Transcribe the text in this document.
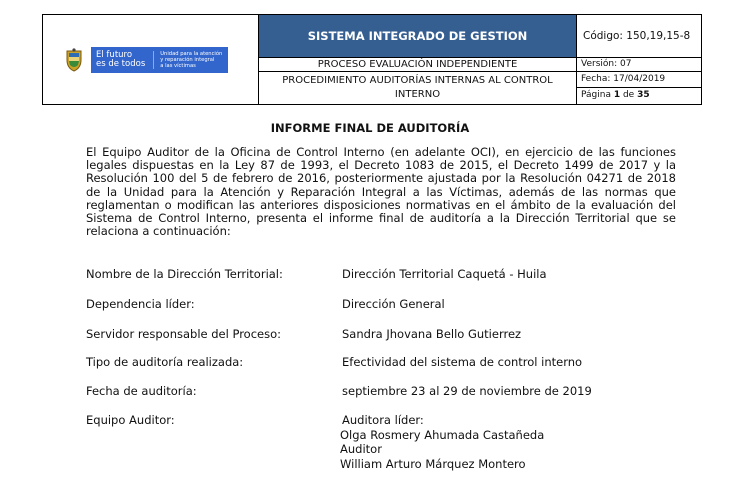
El futuro
es de todos
Unidad para la atención
y reparación integral
a las víctimas
SISTEMA INTEGRADO DE GESTION	Código: 150,19,15-8
PROCESO EVALUACIÓN INDEPENDIENTE	Versión: 07
PROCEDIMIENTO AUDITORÍAS INTERNAS AL CONTROL INTERNO
Fecha: 17/04/2019
Página 1 de 35
INFORME FINAL DE AUDITORÍA

El Equipo Auditor de la Oficina de Control Interno (en adelante OCI), en ejercicio de las funciones legales dispuestas en la Ley 87 de 1993, el Decreto 1083 de 2015, el Decreto 1499 de 2017 y la Resolución 100 del 5 de febrero de 2016, posteriormente ajustada por la Resolución 04271 de 2018 de la Unidad para la Atención y Reparación Integral a las Víctimas, además de las normas que reglamentan o modifican las anteriores disposiciones normativas en el ámbito de la evaluación del Sistema de Control Interno, presenta el informe final de auditoría a la Dirección Territorial que se relaciona a continuación:

Nombre de la Dirección Territorial:	Dirección Territorial Caquetá - Huila
Dependencia líder:	Dirección General
Servidor responsable del Proceso:	Sandra Jhovana Bello Gutierrez
Tipo de auditoría realizada:	Efectividad del sistema de control interno
Fecha de auditoría:	septiembre 23 al 29 de noviembre de 2019
Equipo Auditor:	Auditora líder:
Olga Rosmery Ahumada Castañeda
Auditor
William Arturo Márquez Montero
